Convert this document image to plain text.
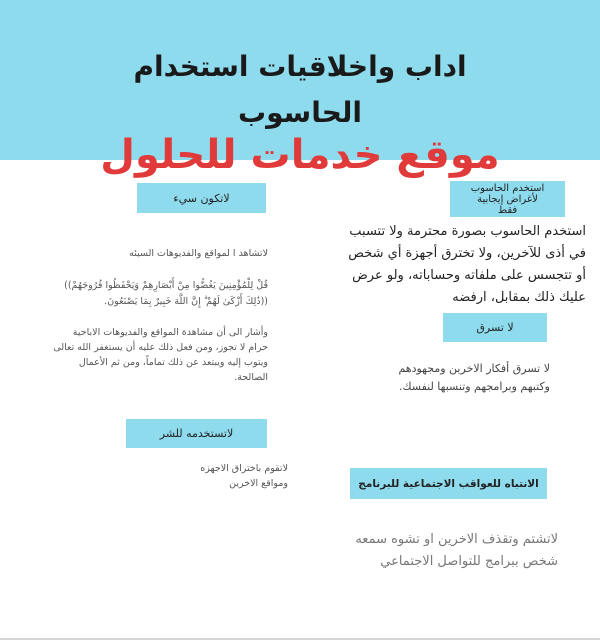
اداب واخلاقيات استخدام
الحاسوب
موقع خدمات للحلول
لاتكون سيء
لاتشاهد ا لمواقع والفديوهات السيئه
قُلْ لِلْمُؤْمِنِينَ يَغُضُّوا مِنْ أَبْصَارِهِمْ وَيَحْفَظُوا فُرُوجَهُمْ))
((ذَٰلِكَ أَزْكَىٰ لَهُمْ ۗ إِنَّ اللَّهَ خَبِيرٌ بِمَا يَصْنَعُونَ.
وأشار الى أن مشاهدة المواقع والفديوهات الاباحية
حرام لا تجوز، ومن فعل ذلك عليه أن يستغفر الله تعالى
ويتوب إليه ويبتعد عن ذلك تماماً، ومن ثم الأعمال
الصالحة.
لاتستخدمه للشر
لاتقوم باختراق الاجهزه
ومواقع الاخرين
استخدم الحاسوب
لأغراض إيجابية
فقط
استخدم الحاسوب بصورة محترمة ولا تتسبب
في أذى للآخرين، ولا تخترق أجهزة أي شخص
أو تتجسس على ملفاته وحساباته، ولو عرض
عليك ذلك بمقابل، ارفضه
لا تسرق
لا تسرق أفكار الاخرين ومجهودهم
وكتبهم وبرامجهم وتنسبها لنفسك.
الانتباه للعواقب الاجتماعية للبرنامج
لاتشتم وتقذف الاخرين او تشوه سمعه
شخص ببرامج للتواصل الاجتماعي
